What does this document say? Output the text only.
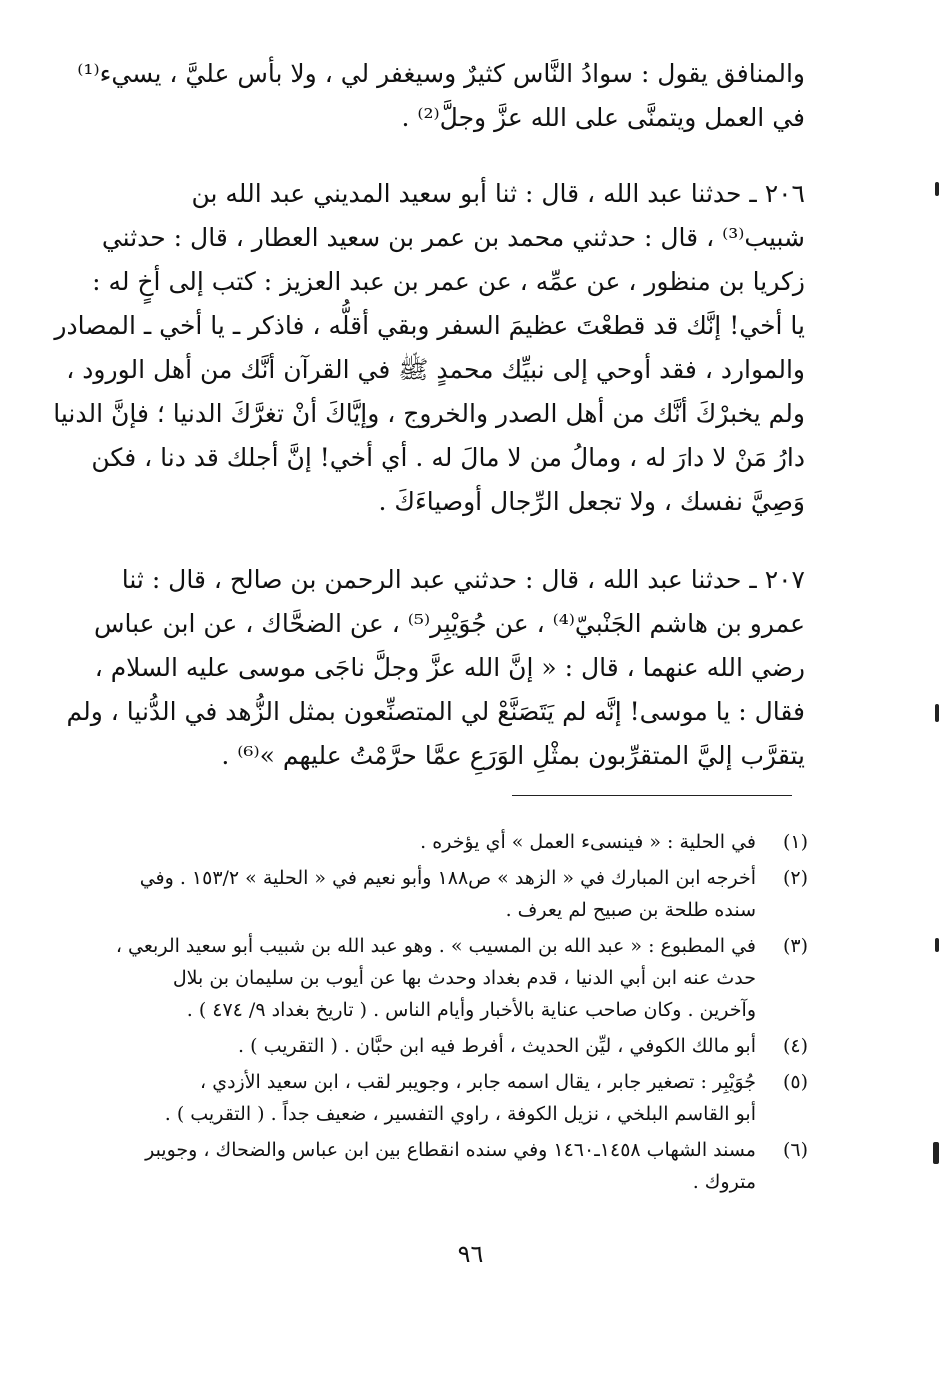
والمنافق يقول : سوادُ النَّاس كثيرٌ وسيغفر لي ، ولا بأس عليَّ ، يسيء⁽¹⁾
في العمل ويتمنَّى على الله عزَّ وجلَّ⁽²⁾ .
٢٠٦ ـ حدثنا عبد الله ، قال : ثنا أبو سعيد المديني عبد الله بن
شبيب⁽³⁾ ، قال : حدثني محمد بن عمر بن سعيد العطار ، قال : حدثني
زكريا بن منظور ، عن عمِّه ، عن عمر بن عبد العزيز : كتب إلى أخٍ له :
يا أخي! إنَّك قد قطعْتَ عظيمَ السفر وبقي أقلُّه ، فاذكر ـ يا أخي ـ المصادر
والموارد ، فقد أوحي إلى نبيِّك محمدٍ ﷺ في القرآن أنَّك من أهل الورود ،
ولم يخبرْكَ أنَّك من أهل الصدر والخروج ، وإيَّاكَ أنْ تغرَّكَ الدنيا ؛ فإنَّ الدنيا
دارُ مَنْ لا دارَ له ، ومالُ من لا مالَ له . أي أخي! إنَّ أجلك قد دنا ، فكن
وَصِيَّ نفسك ، ولا تجعل الرِّجال أوصياءَكَ .
٢٠٧ ـ حدثنا عبد الله ، قال : حدثني عبد الرحمن بن صالح ، قال : ثنا
عمرو بن هاشم الجَنْبيّ⁽⁴⁾ ، عن جُوَيْبِر⁽⁵⁾ ، عن الضحَّاك ، عن ابن عباس
رضي الله عنهما ، قال : « إنَّ الله عزَّ وجلَّ ناجَى موسى عليه السلام ،
فقال : يا موسى! إنَّه لم يَتَصَنَّعْ لي المتصنِّعون بمثل الزُّهد في الدُّنيا ، ولم
يتقرَّب إليَّ المتقرِّبون بمثْلِ الوَرَعِ عمَّا حرَّمْتُ عليهم »⁽⁶⁾ .
(١)
في الحلية : « فينسىء العمل » أي يؤخره .
(٢)
أخرجه ابن المبارك في « الزهد » ص١٨٨ وأبو نعيم في « الحلية » ١٥٣/٢ . وفي
سنده طلحة بن صبيح لم يعرف .
(٣)
في المطبوع : « عبد الله بن المسيب » . وهو عبد الله بن شبيب أبو سعيد الربعي ،
حدث عنه ابن أبي الدنيا ، قدم بغداد وحدث بها عن أيوب بن سليمان بن بلال
وآخرين . وكان صاحب عناية بالأخبار وأيام الناس . ( تاريخ بغداد ٩/ ٤٧٤ ) .
(٤)
أبو مالك الكوفي ، ليِّن الحديث ، أفرط فيه ابن حبَّان . ( التقريب ) .
(٥)
جُوَيْبِر : تصغير جابر ، يقال اسمه جابر ، وجويبر لقب ، ابن سعيد الأزدي ،
أبو القاسم البلخي ، نزيل الكوفة ، راوي التفسير ، ضعيف جداً . ( التقريب ) .
(٦)
مسند الشهاب ١٤٥٨ـ١٤٦٠ وفي سنده انقطاع بين ابن عباس والضحاك ، وجويبر
متروك .
٩٦
